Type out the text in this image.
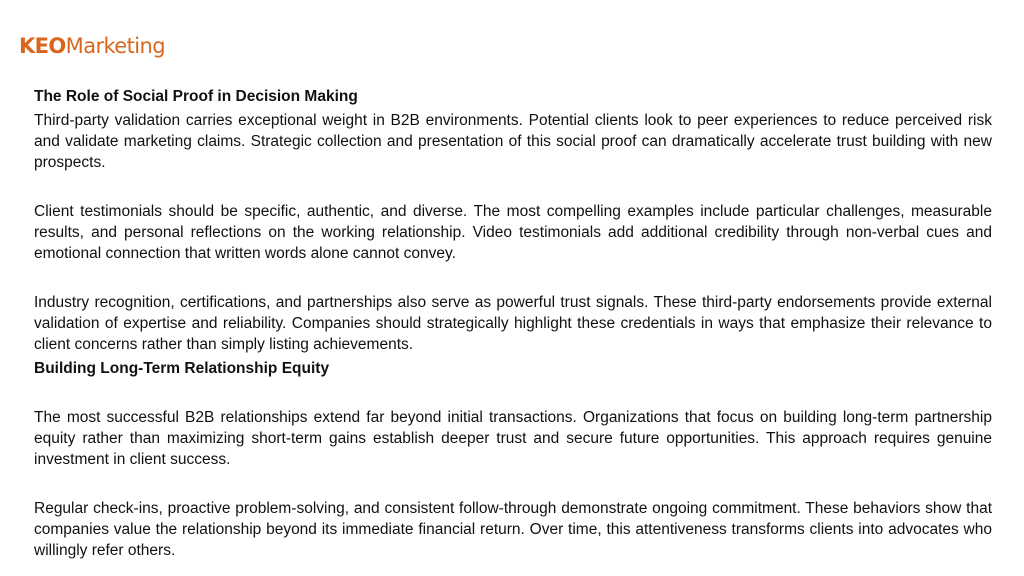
KEOMarketing

The Role of Social Proof in Decision Making

Third-party validation carries exceptional weight in B2B environments. Potential clients look to peer experiences to reduce perceived risk and validate marketing claims. Strategic collection and presentation of this social proof can dramatically accelerate trust building with new prospects.

Client testimonials should be specific, authentic, and diverse. The most compelling examples include particular challenges, measurable results, and personal reflections on the working relationship. Video testimonials add additional credibility through non-verbal cues and emotional connection that written words alone cannot convey.

Industry recognition, certifications, and partnerships also serve as powerful trust signals. These third-party endorsements provide external validation of expertise and reliability. Companies should strategically highlight these credentials in ways that emphasize their relevance to client concerns rather than simply listing achievements.

Building Long-Term Relationship Equity

The most successful B2B relationships extend far beyond initial transactions. Organizations that focus on building long-term partnership equity rather than maximizing short-term gains establish deeper trust and secure future opportunities. This approach requires genuine investment in client success.

Regular check-ins, proactive problem-solving, and consistent follow-through demonstrate ongoing commitment. These behaviors show that companies value the relationship beyond its immediate financial return. Over time, this attentiveness transforms clients into advocates who willingly refer others.
